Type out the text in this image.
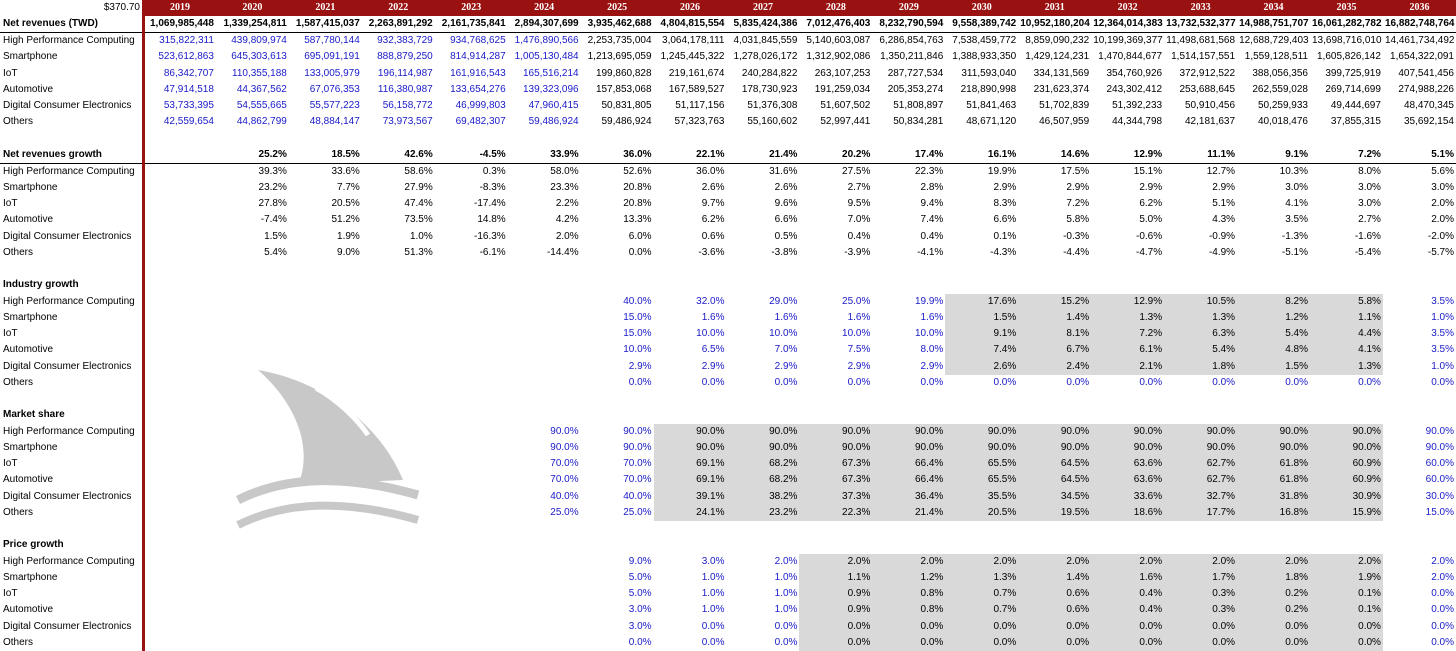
$370.70	2019	2020	2021	2022	2023	2024	2025	2026	2027	2028	2029	2030	2031	2032	2033	2034	2035	2036
Net revenues (TWD)	1,069,985,448	1,339,254,811	1,587,415,037	2,263,891,292	2,161,735,841	2,894,307,699	3,935,462,688	4,804,815,554	5,835,424,386	7,012,476,403	8,232,790,594	9,558,389,742	10,952,180,204	12,364,014,383	13,732,532,377	14,988,751,707	16,061,282,782	16,882,748,764
High Performance Computing	315,822,311	439,809,974	587,780,144	932,383,729	934,768,625	1,476,890,566	2,253,735,004	3,064,178,111	4,031,845,559	5,140,603,087	6,286,854,763	7,538,459,772	8,859,090,232	10,199,369,377	11,498,681,568	12,688,729,403	13,698,716,010	14,461,734,492
Smartphone	523,612,863	645,303,613	695,091,191	888,879,250	814,914,287	1,005,130,484	1,213,695,059	1,245,445,322	1,278,026,172	1,312,902,086	1,350,211,846	1,388,933,350	1,429,124,231	1,470,844,677	1,514,157,551	1,559,128,511	1,605,826,142	1,654,322,091
IoT	86,342,707	110,355,188	133,005,979	196,114,987	161,916,543	165,516,214	199,860,828	219,161,674	240,284,822	263,107,253	287,727,534	311,593,040	334,131,569	354,760,926	372,912,522	388,056,356	399,725,919	407,541,456
Automotive	47,914,518	44,367,562	67,076,353	116,380,987	133,654,276	139,323,096	157,853,068	167,589,527	178,730,923	191,259,034	205,353,274	218,890,998	231,623,374	243,302,412	253,688,645	262,559,028	269,714,699	274,988,226
Digital Consumer Electronics	53,733,395	54,555,665	55,577,223	56,158,772	46,999,803	47,960,415	50,831,805	51,117,156	51,376,308	51,607,502	51,808,897	51,841,463	51,702,839	51,392,233	50,910,456	50,259,933	49,444,697	48,470,345
Others	42,559,654	44,862,799	48,884,147	73,973,567	69,482,307	59,486,924	59,486,924	57,323,763	55,160,602	52,997,441	50,834,281	48,671,120	46,507,959	44,344,798	42,181,637	40,018,476	37,855,315	35,692,154

Net revenues growth		25.2%	18.5%	42.6%	-4.5%	33.9%	36.0%	22.1%	21.4%	20.2%	17.4%	16.1%	14.6%	12.9%	11.1%	9.1%	7.2%	5.1%
High Performance Computing		39.3%	33.6%	58.6%	0.3%	58.0%	52.6%	36.0%	31.6%	27.5%	22.3%	19.9%	17.5%	15.1%	12.7%	10.3%	8.0%	5.6%
Smartphone		23.2%	7.7%	27.9%	-8.3%	23.3%	20.8%	2.6%	2.6%	2.7%	2.8%	2.9%	2.9%	2.9%	2.9%	3.0%	3.0%	3.0%
IoT		27.8%	20.5%	47.4%	-17.4%	2.2%	20.8%	9.7%	9.6%	9.5%	9.4%	8.3%	7.2%	6.2%	5.1%	4.1%	3.0%	2.0%
Automotive		-7.4%	51.2%	73.5%	14.8%	4.2%	13.3%	6.2%	6.6%	7.0%	7.4%	6.6%	5.8%	5.0%	4.3%	3.5%	2.7%	2.0%
Digital Consumer Electronics		1.5%	1.9%	1.0%	-16.3%	2.0%	6.0%	0.6%	0.5%	0.4%	0.4%	0.1%	-0.3%	-0.6%	-0.9%	-1.3%	-1.6%	-2.0%
Others		5.4%	9.0%	51.3%	-6.1%	-14.4%	0.0%	-3.6%	-3.8%	-3.9%	-4.1%	-4.3%	-4.4%	-4.7%	-4.9%	-5.1%	-5.4%	-5.7%

Industry growth																		
High Performance Computing							40.0%	32.0%	29.0%	25.0%	19.9%	17.6%	15.2%	12.9%	10.5%	8.2%	5.8%	3.5%
Smartphone							15.0%	1.6%	1.6%	1.6%	1.6%	1.5%	1.4%	1.3%	1.3%	1.2%	1.1%	1.0%
IoT							15.0%	10.0%	10.0%	10.0%	10.0%	9.1%	8.1%	7.2%	6.3%	5.4%	4.4%	3.5%
Automotive							10.0%	6.5%	7.0%	7.5%	8.0%	7.4%	6.7%	6.1%	5.4%	4.8%	4.1%	3.5%
Digital Consumer Electronics							2.9%	2.9%	2.9%	2.9%	2.9%	2.6%	2.4%	2.1%	1.8%	1.5%	1.3%	1.0%
Others							0.0%	0.0%	0.0%	0.0%	0.0%	0.0%	0.0%	0.0%	0.0%	0.0%	0.0%	0.0%

Market share																		
High Performance Computing						90.0%	90.0%	90.0%	90.0%	90.0%	90.0%	90.0%	90.0%	90.0%	90.0%	90.0%	90.0%	90.0%
Smartphone						90.0%	90.0%	90.0%	90.0%	90.0%	90.0%	90.0%	90.0%	90.0%	90.0%	90.0%	90.0%	90.0%
IoT						70.0%	70.0%	69.1%	68.2%	67.3%	66.4%	65.5%	64.5%	63.6%	62.7%	61.8%	60.9%	60.0%
Automotive						70.0%	70.0%	69.1%	68.2%	67.3%	66.4%	65.5%	64.5%	63.6%	62.7%	61.8%	60.9%	60.0%
Digital Consumer Electronics						40.0%	40.0%	39.1%	38.2%	37.3%	36.4%	35.5%	34.5%	33.6%	32.7%	31.8%	30.9%	30.0%
Others						25.0%	25.0%	24.1%	23.2%	22.3%	21.4%	20.5%	19.5%	18.6%	17.7%	16.8%	15.9%	15.0%

Price growth																		
High Performance Computing							9.0%	3.0%	2.0%	2.0%	2.0%	2.0%	2.0%	2.0%	2.0%	2.0%	2.0%	2.0%
Smartphone							5.0%	1.0%	1.0%	1.1%	1.2%	1.3%	1.4%	1.6%	1.7%	1.8%	1.9%	2.0%
IoT							5.0%	1.0%	1.0%	0.9%	0.8%	0.7%	0.6%	0.4%	0.3%	0.2%	0.1%	0.0%
Automotive							3.0%	1.0%	1.0%	0.9%	0.8%	0.7%	0.6%	0.4%	0.3%	0.2%	0.1%	0.0%
Digital Consumer Electronics							3.0%	0.0%	0.0%	0.0%	0.0%	0.0%	0.0%	0.0%	0.0%	0.0%	0.0%	0.0%
Others							0.0%	0.0%	0.0%	0.0%	0.0%	0.0%	0.0%	0.0%	0.0%	0.0%	0.0%	0.0%
